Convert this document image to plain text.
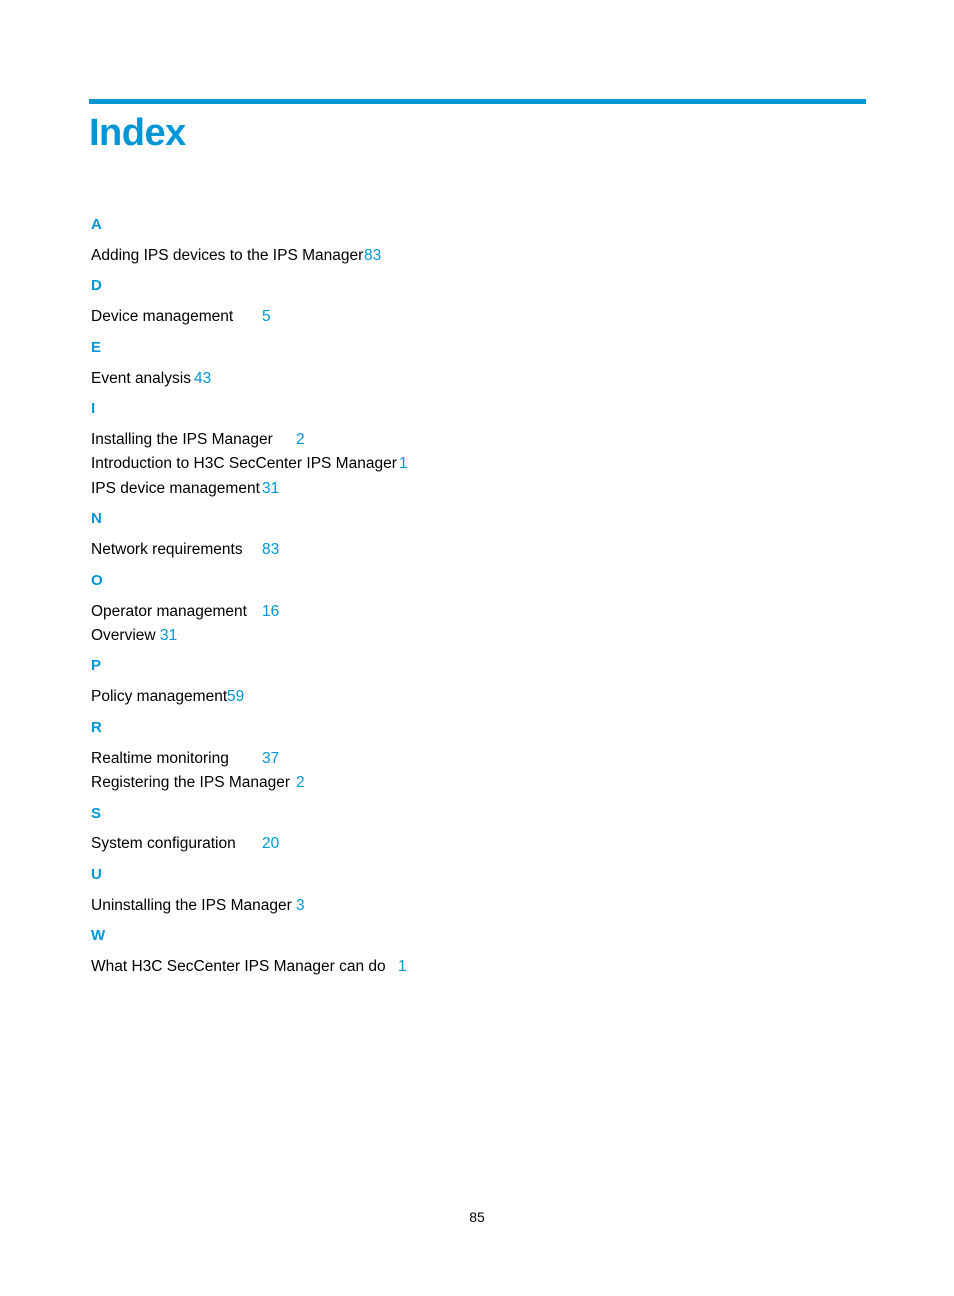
Index
A
Adding IPS devices to the IPS Manager 83
D
Device management 5
E
Event analysis 43
I
Installing the IPS Manager 2
Introduction to H3C SecCenter IPS Manager 1
IPS device management 31
N
Network requirements 83
O
Operator management 16
Overview 31
P
Policy management 59
R
Realtime monitoring 37
Registering the IPS Manager 2
S
System configuration 20
U
Uninstalling the IPS Manager 3
W
What H3C SecCenter IPS Manager can do 1
85
